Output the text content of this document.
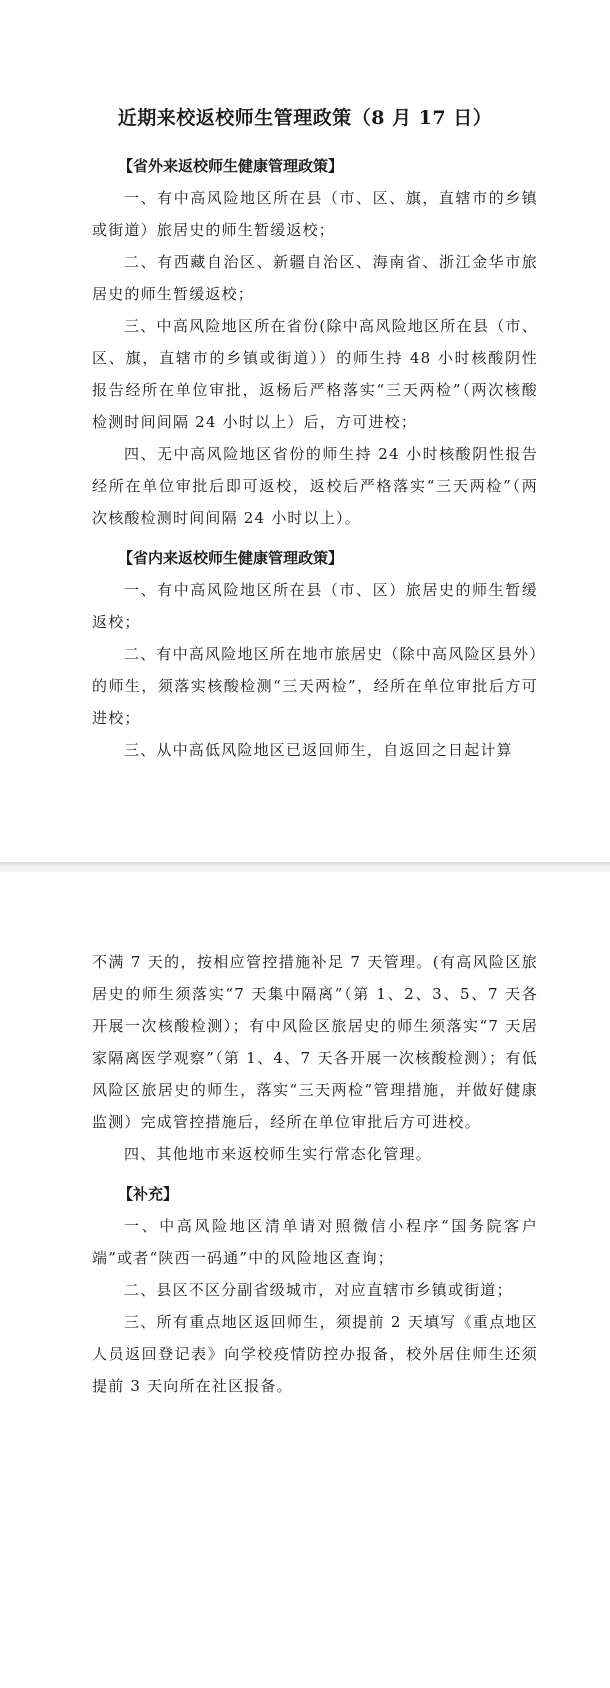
近期来校返校师生管理政策（8 月 17 日）

【省外来返校师生健康管理政策】

一、有中高风险地区所在县（市、区、旗，直辖市的乡镇或街道）旅居史的师生暂缓返校；

二、有西藏自治区、新疆自治区、海南省、浙江金华市旅居史的师生暂缓返校；

三、中高风险地区所在省份(除中高风险地区所在县（市、区、旗，直辖市的乡镇或街道））的师生持 48 小时核酸阴性报告经所在单位审批，返杨后严格落实“三天两检”（两次核酸检测时间间隔 24 小时以上）后，方可进校；

四、无中高风险地区省份的师生持 24 小时核酸阴性报告经所在单位审批后即可返校，返校后严格落实“三天两检”（两次核酸检测时间间隔 24 小时以上）。

【省内来返校师生健康管理政策】

一、有中高风险地区所在县（市、区）旅居史的师生暂缓返校；

二、有中高风险地区所在地市旅居史（除中高风险区县外）的师生，须落实核酸检测“三天两检”，经所在单位审批后方可进校；

三、从中高低风险地区已返回师生，自返回之日起计算

不满 7 天的，按相应管控措施补足 7 天管理。(有高风险区旅居史的师生须落实“7 天集中隔离”（第 1、2、3、5、7 天各开展一次核酸检测）；有中风险区旅居史的师生须落实“7 天居家隔离医学观察”（第 1、4、7 天各开展一次核酸检测）；有低风险区旅居史的师生，落实“三天两检”管理措施，并做好健康监测）完成管控措施后，经所在单位审批后方可进校。

四、其他地市来返校师生实行常态化管理。

【补充】

一、中高风险地区清单请对照微信小程序“国务院客户端”或者“陕西一码通”中的风险地区查询；

二、县区不区分副省级城市，对应直辖市乡镇或街道；

三、所有重点地区返回师生，须提前 2 天填写《重点地区人员返回登记表》向学校疫情防控办报备，校外居住师生还须提前 3 天向所在社区报备。
